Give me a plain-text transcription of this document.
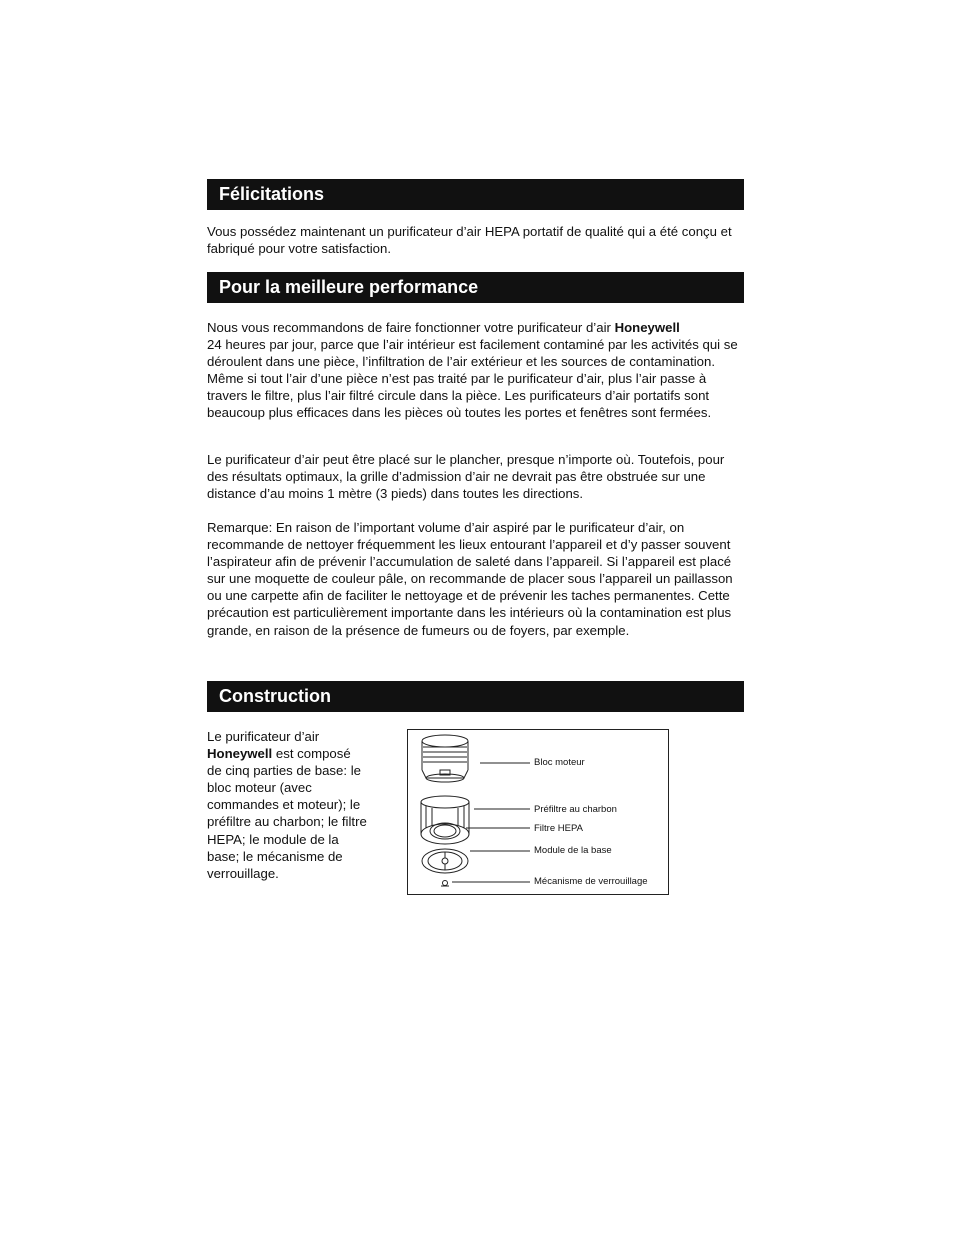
Félicitations

Vous possédez maintenant un purificateur d’air HEPA portatif de qualité qui a été conçu et fabriqué pour votre satisfaction.

Pour la meilleure performance

Nous vous recommandons de faire fonctionner votre purificateur d’air Honeywell
24 heures par jour, parce que l’air intérieur est facilement contaminé par les activités qui se déroulent dans une pièce, l’infiltration de l’air extérieur et les sources de contamination. Même si tout l’air d’une pièce n’est pas traité par le purificateur d’air, plus l’air passe à travers le filtre, plus l’air filtré circule dans la pièce. Les purificateurs d’air portatifs sont beaucoup plus efficaces dans les pièces où toutes les portes et fenêtres sont fermées.

Le purificateur d’air peut être placé sur le plancher, presque n’importe où. Toutefois, pour des résultats optimaux, la grille d’admission d’air ne devrait pas être obstruée sur une distance d’au moins 1 mètre (3 pieds) dans toutes les directions.

Remarque: En raison de l’important volume d’air aspiré par le purificateur d’air, on recommande de nettoyer fréquemment les lieux entourant l’appareil et d’y passer souvent l’aspirateur afin de prévenir l’accumulation de saleté dans l’appareil. Si l’appareil est placé sur une moquette de couleur pâle, on recommande de placer sous l’appareil un paillasson ou une carpette afin de faciliter le nettoyage et de prévenir les taches permanentes. Cette précaution est particulièrement importante dans les intérieurs où la contamination est plus grande, en raison de la présence de fumeurs ou de foyers, par exemple.

Construction

Le purificateur d’air
Honeywell est composé de cinq parties de base: le bloc moteur (avec commandes et moteur); le préfiltre au charbon; le filtre HEPA; le module de la base; le mécanisme de verrouillage.

Bloc moteur
Préfiltre au charbon
Filtre HEPA
Module de la base
Mécanisme de verrouillage
